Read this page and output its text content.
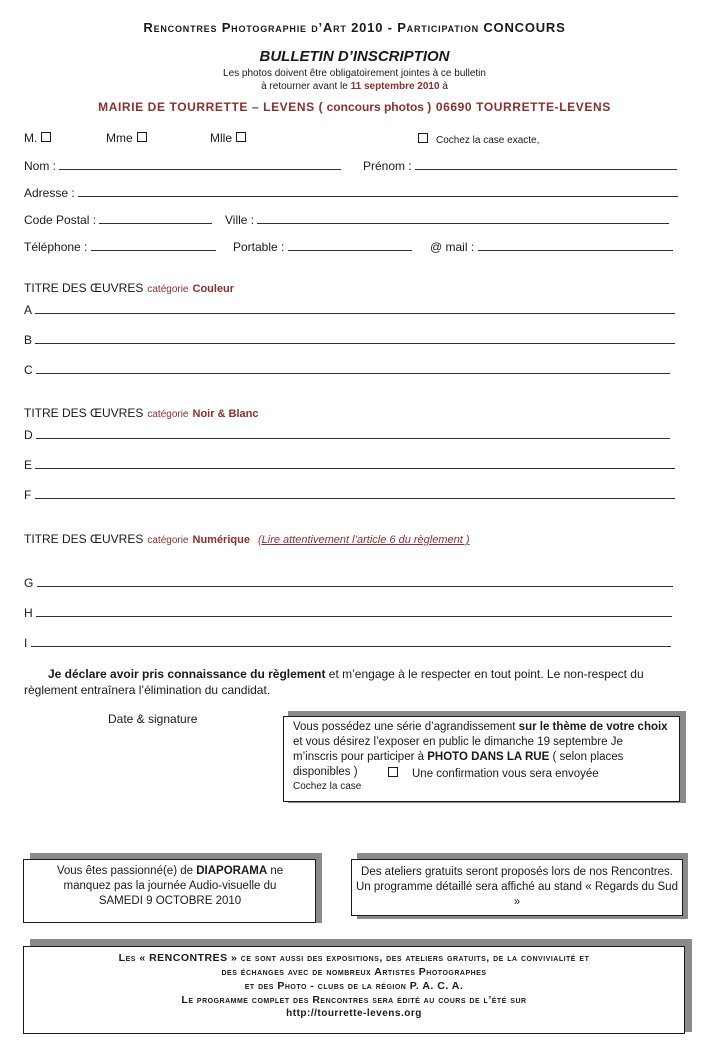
Rencontres Photographie d’Art 2010 - Participation CONCOURS
BULLETIN D’INSCRIPTION
Les photos doivent être obligatoirement jointes à ce bulletin
à retourner avant le 11 septembre 2010 à
MAIRIE DE TOURRETTE – LEVENS ( concours photos ) 06690 TOURRETTE-LEVENS
M.	Mme	Mlle	Cochez la case exacte,
Nom :	Prénom :
Adresse :
Code Postal :	Ville :
Téléphone :	Portable :	@ mail :
TITRE DES ŒUVRES catégorie Couleur
A
B
C
TITRE DES ŒUVRES catégorie Noir & Blanc
D
E
F
TITRE DES ŒUVRES catégorie Numérique (Lire attentivement l’article 6 du règlement )
G
H
I
Je déclare avoir pris connaissance du règlement et m’engage à le respecter en tout point. Le non-respect du règlement entraînera l’élimination du candidat.
Date & signature
Vous possédez une série d’agrandissement sur le thème de votre choix et vous désirez l’exposer en public le dimanche 19 septembre Je m’inscris pour participer à PHOTO DANS LA RUE ( selon places disponibles )	Une confirmation vous sera envoyée
Cochez la case
Vous êtes passionné(e) de DIAPORAMA ne manquez pas la journée Audio-visuelle du
SAMEDI 9 OCTOBRE 2010
Des ateliers gratuits seront proposés lors de nos Rencontres.
Un programme détaillé sera affiché au stand « Regards du Sud »
Les « RENCONTRES » ce sont aussi des expositions, des ateliers gratuits, de la convivialité et
des échanges avec de nombreux Artistes Photographes
et des Photo - clubs de la région P. A. C. A.
Le programme complet des Rencontres sera édité au cours de l’été sur
http://tourrette-levens.org
